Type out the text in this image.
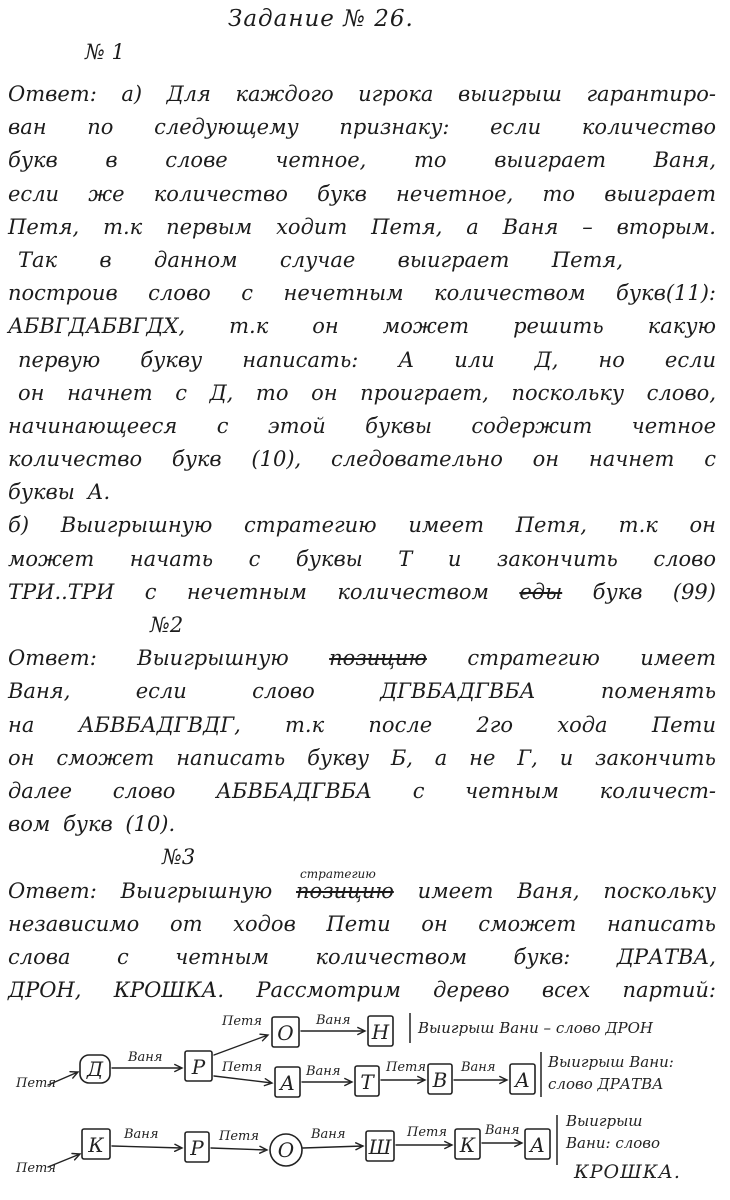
Задание № 26.
№ 1
Ответ: а) Для каждого игрока выигрыш гарантиро-
ван по следующему признаку: если количество
букв в слове четное, то выиграет Ваня,
если же количество букв нечетное, то выиграет
Петя, т.к первым ходит Петя, а Ваня – вторым.
Так в данном случае выиграет Петя,
построив слово с нечетным количеством букв(11):
АБВГДАБВГДХ, т.к он может решить какую
первую букву написать: А или Д, но если
он начнет с Д, то он проиграет, поскольку слово,
начинающееся с этой буквы содержит четное
количество букв (10), следовательно он начнет с
буквы А.
б) Выигрышную стратегию имеет Петя, т.к он
может начать с буквы Т и закончить слово
ТРИ..ТРИ с нечетным количеством еды букв (99)
№2
Ответ: Выигрышную позицию стратегию имеет
Ваня, если слово ДГВБАДГВБА поменять
на АБВБАДГВДГ, т.к после 2го хода Пети
он сможет написать букву Б, а не Г, и закончить
далее слово АБВБАДГВБА с четным количест-
вом букв (10).
№3
Ответ: Выигрышную позицию
стратегию
имеет Ваня, поскольку
независимо от ходов Пети он сможет написать
слова с четным количеством букв: ДРАТВА,
ДРОН, КРОШКА. Рассмотрим дерево всех партий:
Петя
Д Ваня Р
Петя О
Ваня Н Выигрыш Вани – слово ДРОН
Петя
А Ваня Т
Петя
В
Ваня
А
Выигрыш Вани:
слово ДРАТВА
Петя
К Ваня
Р Петя
О
Ваня
Ш
Петя
К
Ваня
А
Выигрыш
Вани: слово
КРОШКА.
